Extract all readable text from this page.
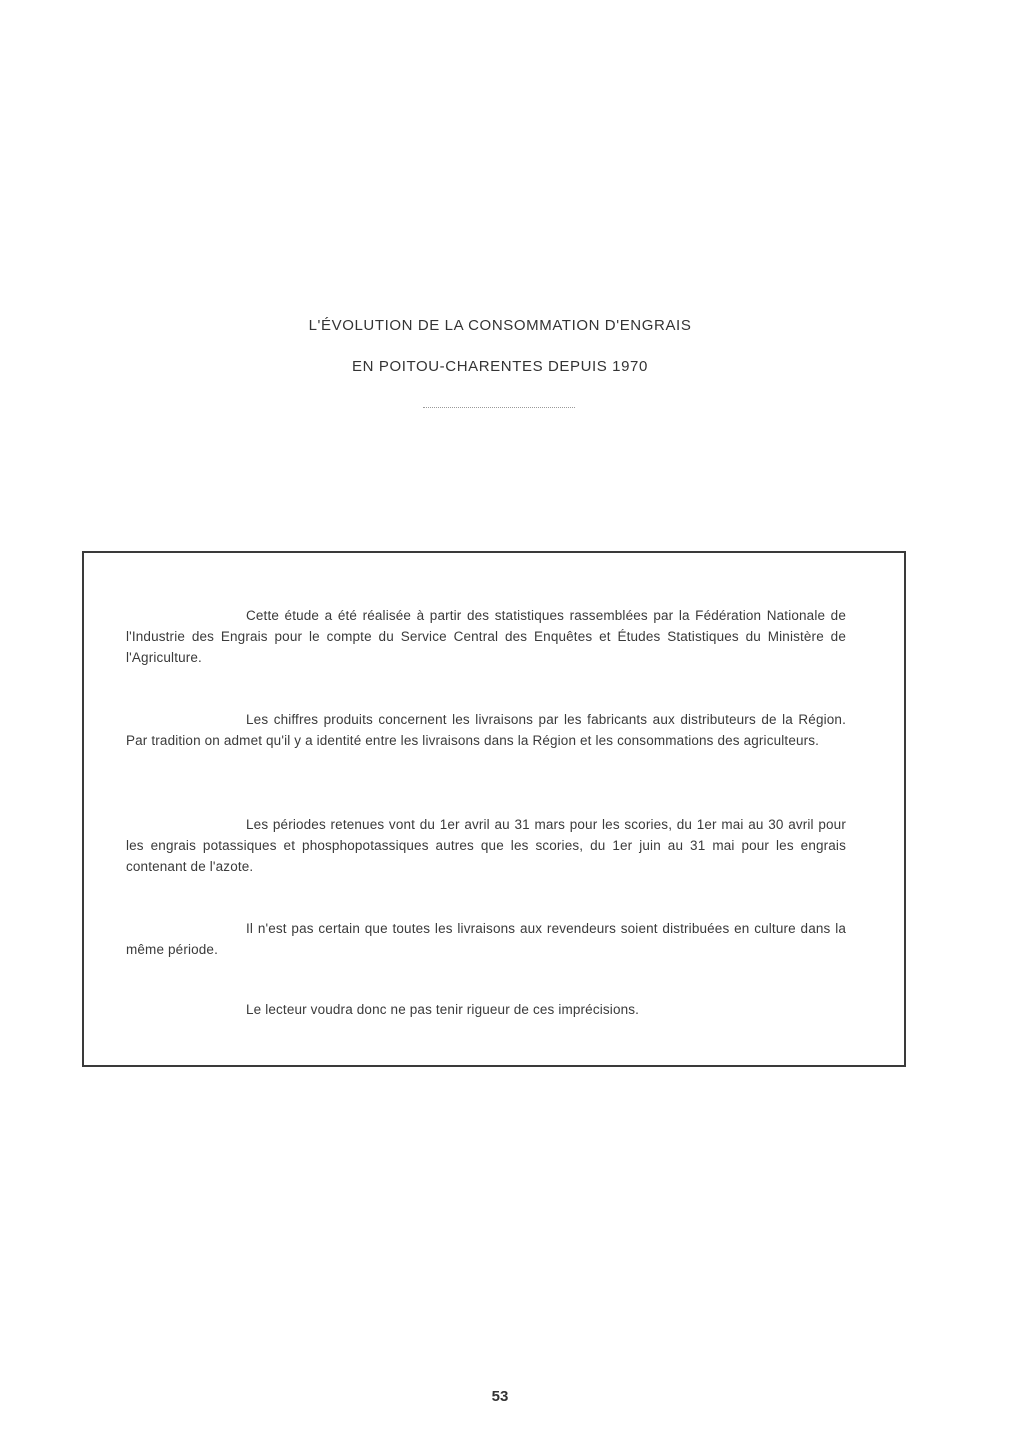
L'ÉVOLUTION DE LA CONSOMMATION D'ENGRAIS
EN POITOU-CHARENTES DEPUIS 1970
Cette étude a été réalisée à partir des statistiques rassemblées par la Fédération Nationale de l'Industrie des Engrais pour le compte du Service Central des Enquêtes et Études Statistiques du Ministère de l'Agriculture.
Les chiffres produits concernent les livraisons par les fabricants aux distributeurs de la Région. Par tradition on admet qu'il y a identité entre les livraisons dans la Région et les consommations des agriculteurs.
Les périodes retenues vont du 1er avril au 31 mars pour les scories, du 1er mai au 30 avril pour les engrais potassiques et phosphopotassiques autres que les scories, du 1er juin au 31 mai pour les engrais contenant de l'azote.
Il n'est pas certain que toutes les livraisons aux revendeurs soient distribuées en culture dans la même période.
Le lecteur voudra donc ne pas tenir rigueur de ces imprécisions.
53
